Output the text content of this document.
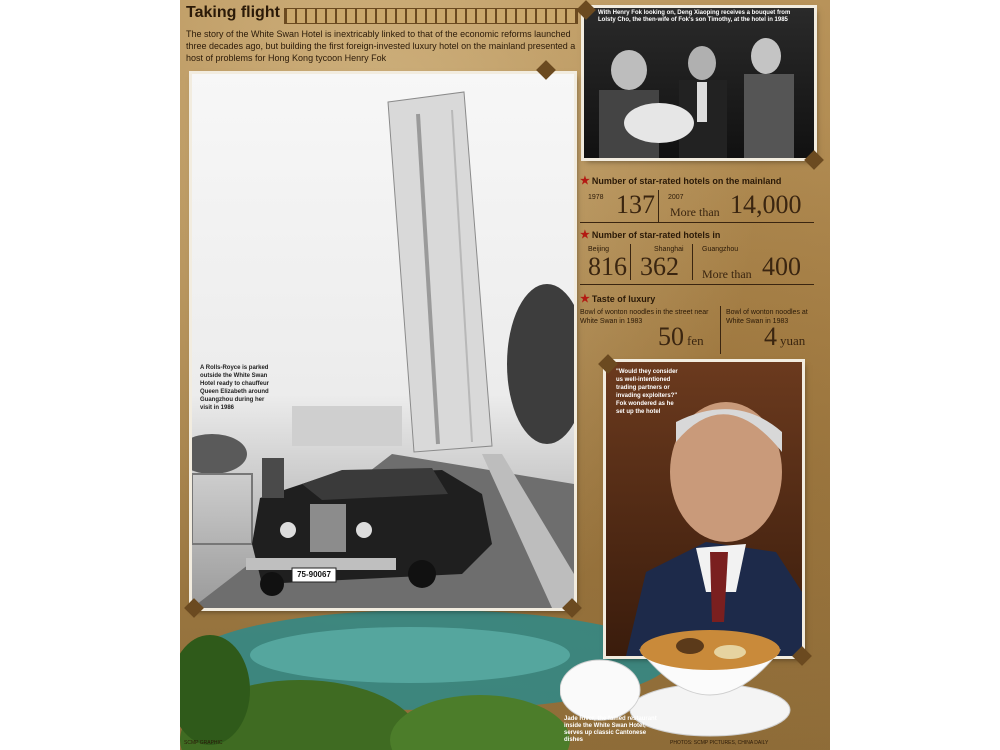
Taking flight
The story of the White Swan Hotel is inextricably linked to that of the economic reforms launched three decades ago, but building the first foreign-invested luxury hotel on the mainland presented a host of problems for Hong Kong tycoon Henry Fok
With Henry Fok looking on, Deng Xiaoping receives a bouquet from Lolsty Cho, the then-wife of Fok's son Timothy, at the hotel in 1985
75-90067
A Rolls-Royce is parked outside the White Swan Hotel ready to chauffeur Queen Elizabeth around Guangzhou during her visit in 1986
★ Number of star-rated hotels on the mainland
1978 137 2007
More than 14,000
★ Number of star-rated hotels in
Beijing
816
Shanghai
362
Guangzhou
More than 400
★ Taste of luxury
Bowl of wonton noodles in the street near White Swan in 1983
50 fen
Bowl of wonton noodles at White Swan in 1983
4 yuan
"Would they consider us well-intentioned trading partners or invading exploiters?" Fok wondered as he set up the hotel
Jade River, the famed restaurant inside the White Swan Hotel, serves up classic Cantonese dishes
SCMP GRAPHIC	PHOTOS: SCMP PICTURES, CHINA DAILY
